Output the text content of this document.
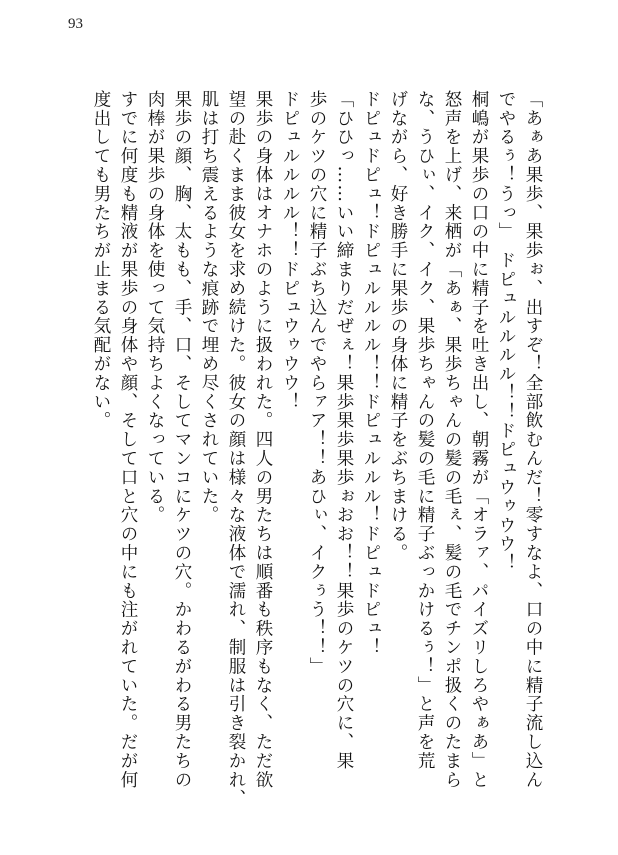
93
「あぁあ果歩、果歩ぉ、出すぞ！全部飲むんだ！零すなよ、口の中に精子流し込ん
でやるぅ！うっ」　ドピュルルルル！！ドピュウゥウウ！
桐嶋が果歩の口の中に精子を吐き出し、朝霧が「オラァ、パイズリしろやぁあ」と
怒声を上げ、来栖が「あぁ、果歩ちゃんの髪の毛ぇ、髪の毛でチンポ扱くのたまら
な、うひぃ、イク、イク、果歩ちゃんの髪の毛に精子ぶっかけるぅ！」と声を荒
げながら、好き勝手に果歩の身体に精子をぶちまける。
ドピュドピュ！ドピュルルルル！！ドピュルルル！ドピュドピュ！
「ひひっ……いい締まりだぜぇ！果歩果歩果歩ぉおお！！果歩のケツの穴に、果
歩のケツの穴に精子ぶち込んでやらァア！！あひぃ、イクぅう！！」
ドピュルルルル！！ドピュウゥウウ！
果歩の身体はオナホのように扱われた。四人の男たちは順番も秩序もなく、ただ欲
望の赴くまま彼女を求め続けた。彼女の顔は様々な液体で濡れ、制服は引き裂かれ、
肌は打ち震えるような痕跡で埋め尽くされていた。
果歩の顔、胸、太もも、手、口、そしてマンコにケツの穴。かわるがわる男たちの
肉棒が果歩の身体を使って気持ちよくなっている。
すでに何度も精液が果歩の身体や顔、そして口と穴の中にも注がれていた。だが何
度出しても男たちが止まる気配がない。
